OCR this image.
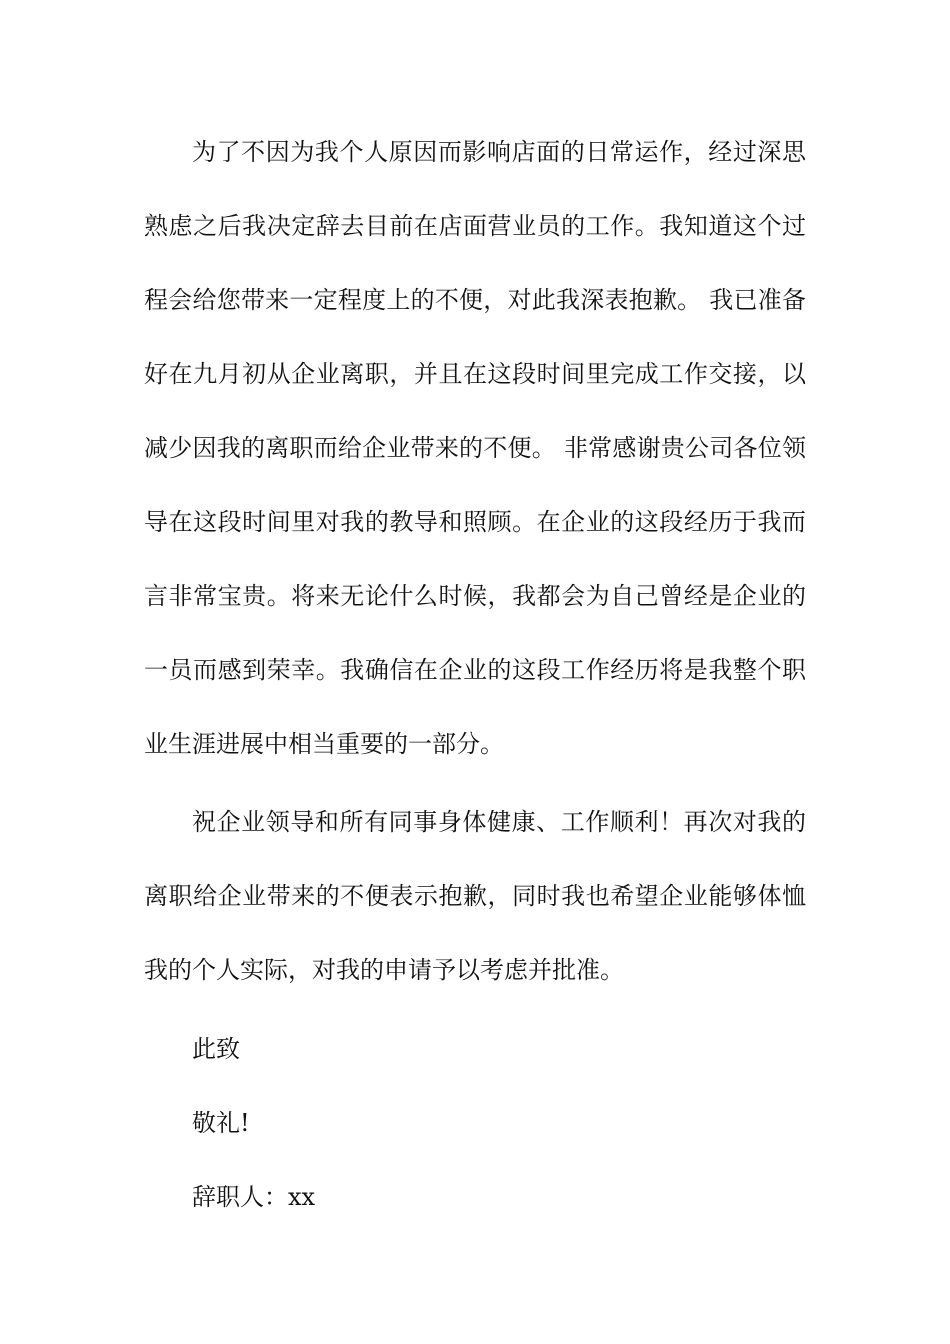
为了不因为我个人原因而影响店面的日常运作，经过深思
熟虑之后我决定辞去目前在店面营业员的工作。我知道这个过
程会给您带来一定程度上的不便，对此我深表抱歉。 我已准备
好在九月初从企业离职，并且在这段时间里完成工作交接，以
减少因我的离职而给企业带来的不便。 非常感谢贵公司各位领
导在这段时间里对我的教导和照顾。在企业的这段经历于我而
言非常宝贵。将来无论什么时候，我都会为自己曾经是企业的
一员而感到荣幸。我确信在企业的这段工作经历将是我整个职
业生涯进展中相当重要的一部分。
祝企业领导和所有同事身体健康、工作顺利！再次对我的
离职给企业带来的不便表示抱歉，同时我也希望企业能够体恤
我的个人实际，对我的申请予以考虑并批准。
此致
敬礼!
辞职人：xx
